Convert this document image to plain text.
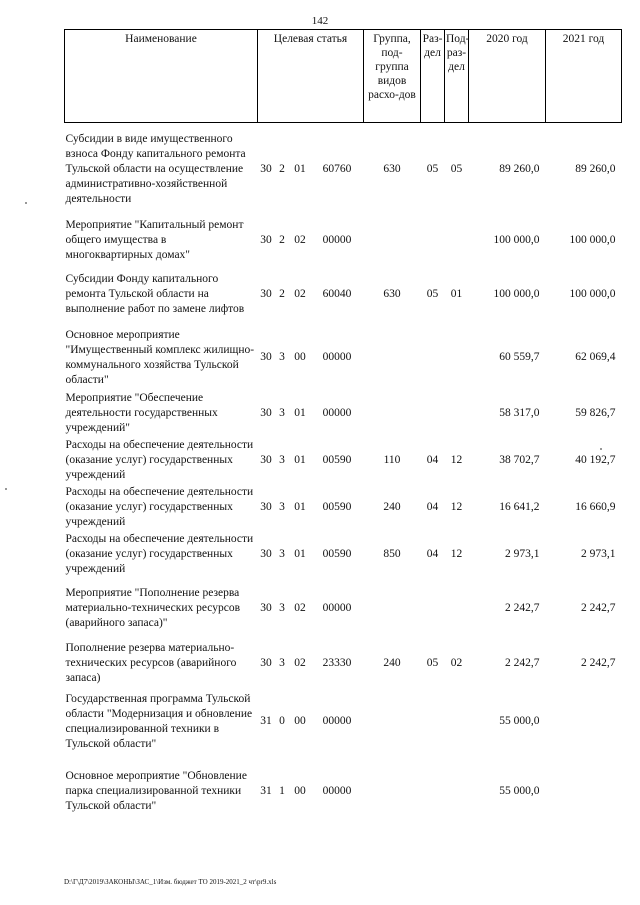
142
Наименование	Целевая статья				Группа, под-группа видов расхо-дов	Раз-дел	Под-раз-дел	2020 год	2021 год
Субсидии в виде имущественного взноса Фонду капитального ремонта Тульской области на осуществление административно-хозяйственной деятельности	30	2	01	60760	630	05	05	89 260,0	89 260,0
Мероприятие "Капитальный ремонт общего имущества в многоквартирных домах"	30	2	02	00000				100 000,0	100 000,0
Субсидии Фонду капитального ремонта Тульской области на выполнение работ по замене лифтов	30	2	02	60040	630	05	01	100 000,0	100 000,0
Основное мероприятие "Имущественный комплекс жилищно-коммунального хозяйства Тульской области"	30	3	00	00000				60 559,7	62 069,4
Мероприятие "Обеспечение деятельности государственных учреждений"	30	3	01	00000				58 317,0	59 826,7
Расходы на обеспечение деятельности (оказание услуг) государственных учреждений	30	3	01	00590	110	04	12	38 702,7	40 192,7
Расходы на обеспечение деятельности (оказание услуг) государственных учреждений	30	3	01	00590	240	04	12	16 641,2	16 660,9
Расходы на обеспечение деятельности (оказание услуг) государственных учреждений	30	3	01	00590	850	04	12	2 973,1	2 973,1
Мероприятие "Пополнение резерва материально-технических ресурсов (аварийного запаса)"	30	3	02	00000				2 242,7	2 242,7
Пополнение резерва материально-технических ресурсов (аварийного запаса)	30	3	02	23330	240	05	02	2 242,7	2 242,7
Государственная программа Тульской области "Модернизация и обновление специализированной техники в Тульской области"	31	0	00	00000				55 000,0	
Основное мероприятие "Обновление парка специализированной техники Тульской области"	31	1	00	00000				55 000,0	
D:\Г\Д7\2019\ЗАКОНЫ\ЗАС_1\Изм. бюджет ТО 2019-2021_2 чт\pr9.xls
